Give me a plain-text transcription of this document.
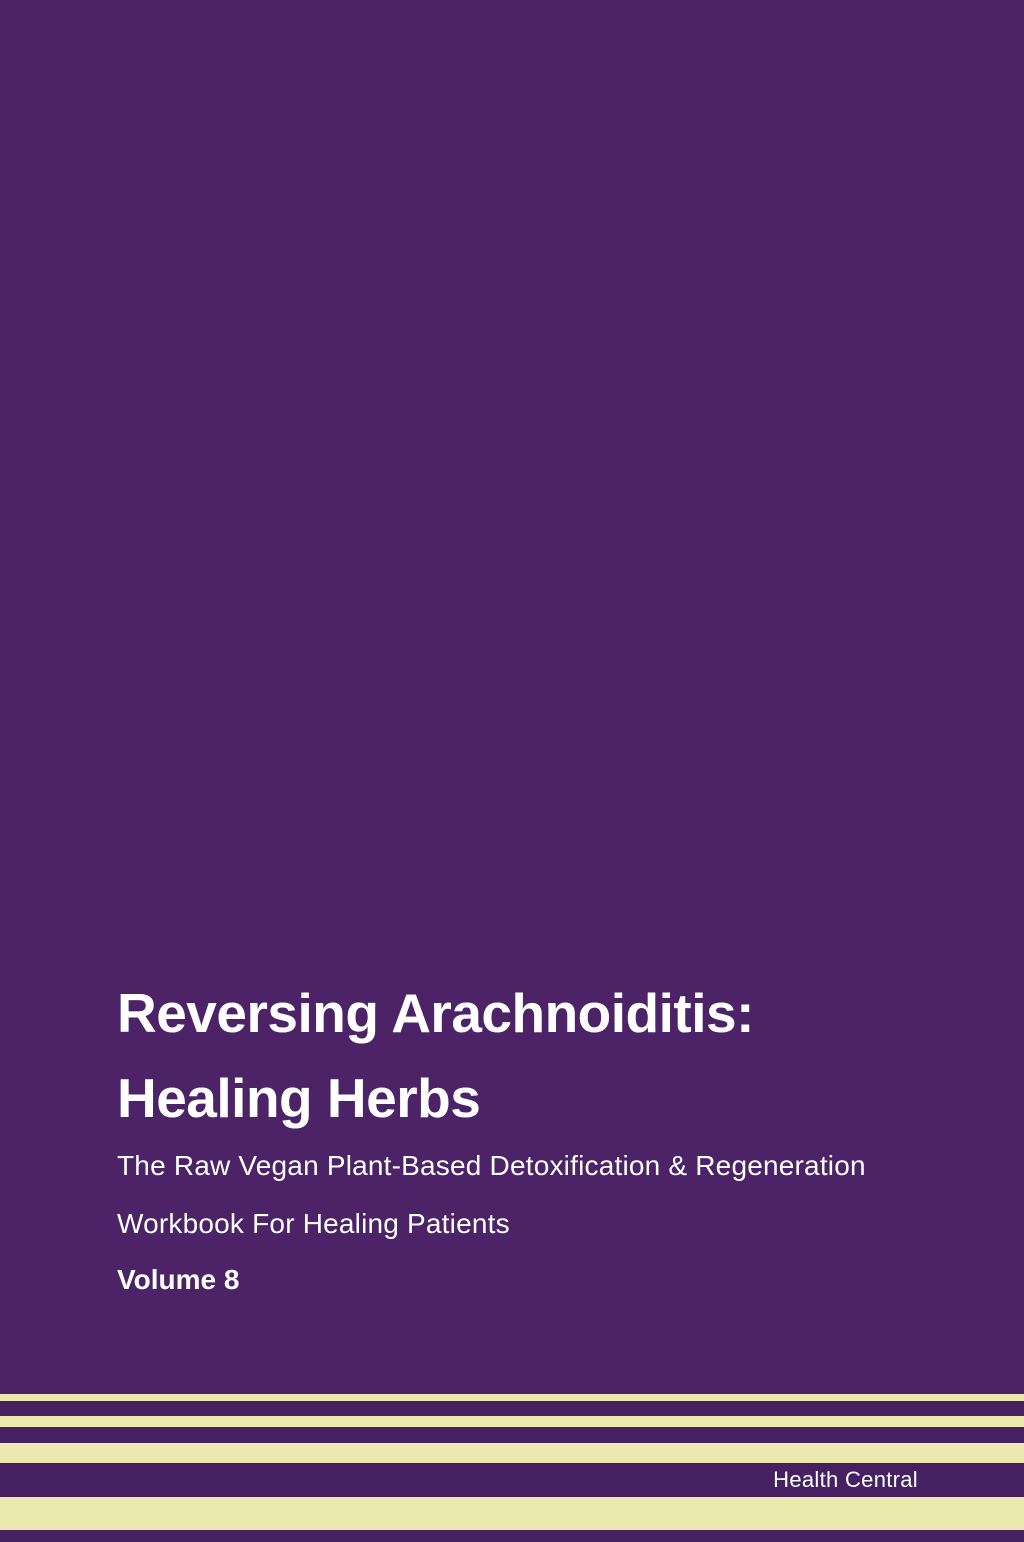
Reversing Arachnoiditis:
Healing Herbs
The Raw Vegan Plant-Based Detoxification & Regeneration
Workbook For Healing Patients
Volume 8
Health Central
